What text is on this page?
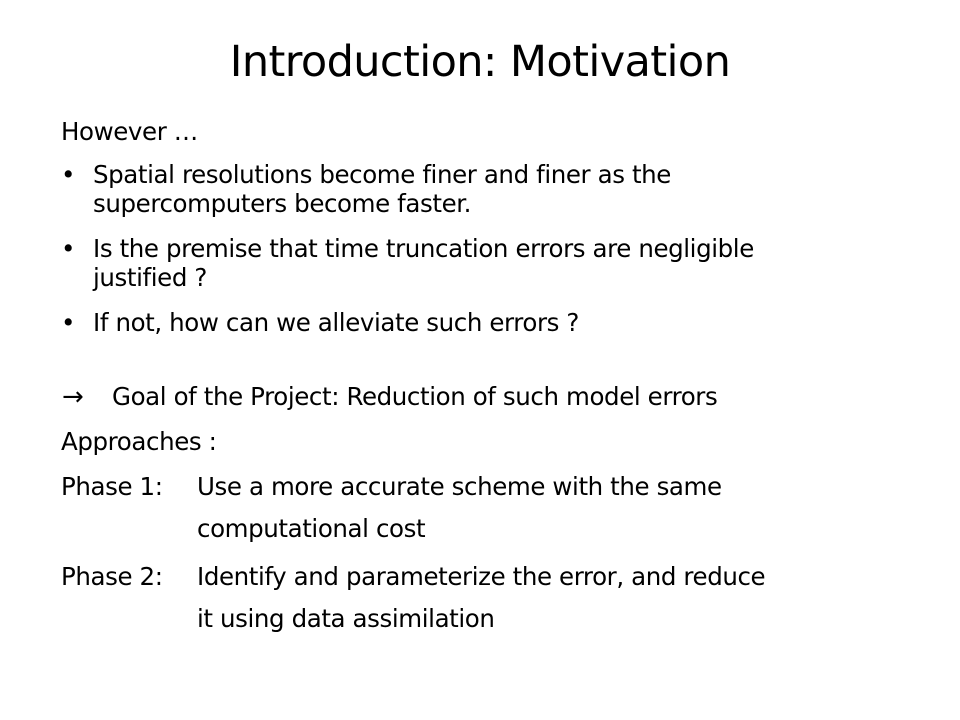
Introduction: Motivation
However …
• Spatial resolutions become finer and finer as the
supercomputers become faster.
• Is the premise that time truncation errors are negligible
justified ?
• If not, how can we alleviate such errors ?
→ Goal of the Project: Reduction of such model errors
Approaches :
Phase 1: Use a more accurate scheme with the same
computational cost
Phase 2: Identify and parameterize the error, and reduce
it using data assimilation
